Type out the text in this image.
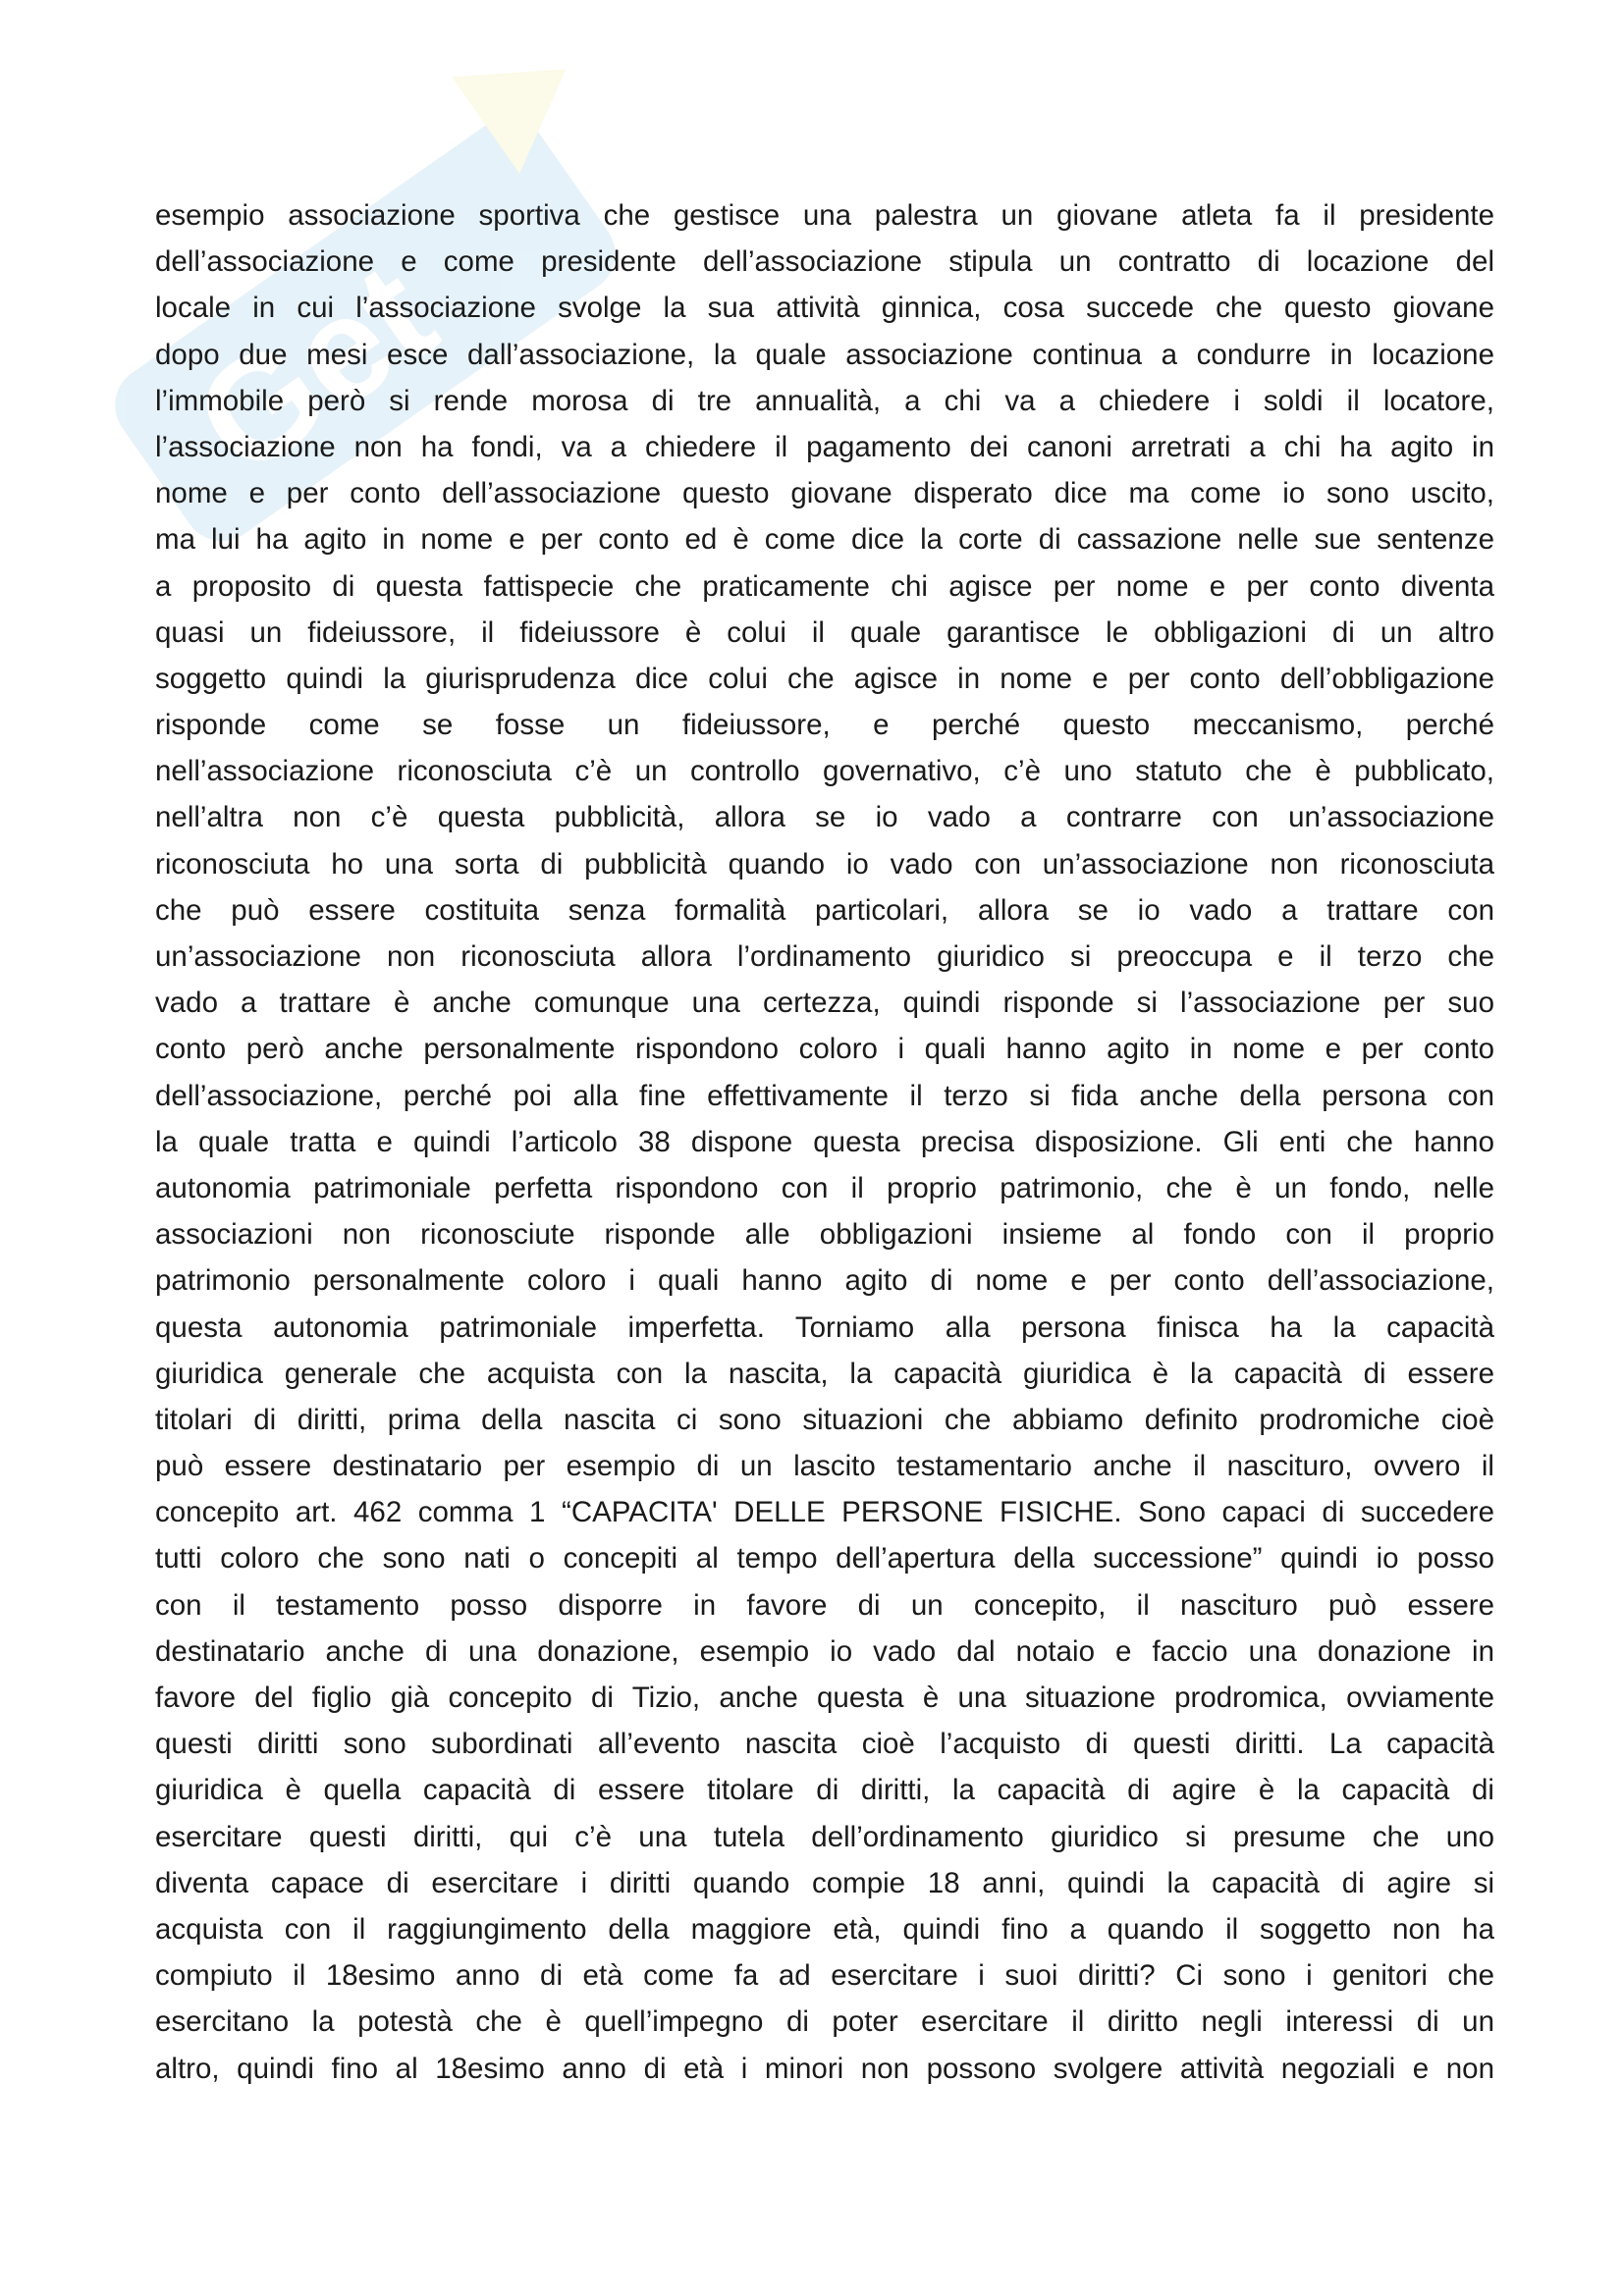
Get
esempio associazione sportiva che gestisce una palestra un giovane atleta fa il presidente
dell’associazione e come presidente dell’associazione stipula un contratto di locazione del
locale in cui l’associazione svolge la sua attività ginnica, cosa succede che questo giovane
dopo due mesi esce dall’associazione, la quale associazione continua a condurre in locazione
l’immobile però si rende morosa di tre annualità, a chi va a chiedere i soldi il locatore,
l’associazione non ha fondi, va a chiedere il pagamento dei canoni arretrati a chi ha agito in
nome e per conto dell’associazione questo giovane disperato dice ma come io sono uscito,
ma lui ha agito in nome e per conto ed è come dice la corte di cassazione nelle sue sentenze
a proposito di questa fattispecie che praticamente chi agisce per nome e per conto diventa
quasi un fideiussore, il fideiussore è colui il quale garantisce le obbligazioni di un altro
soggetto quindi la giurisprudenza dice colui che agisce in nome e per conto dell’obbligazione
risponde come se fosse un fideiussore, e perché questo meccanismo, perché
nell’associazione riconosciuta c’è un controllo governativo, c’è uno statuto che è pubblicato,
nell’altra non c’è questa pubblicità, allora se io vado a contrarre con un’associazione
riconosciuta ho una sorta di pubblicità quando io vado con un’associazione non riconosciuta
che può essere costituita senza formalità particolari, allora se io vado a trattare con
un’associazione non riconosciuta allora l’ordinamento giuridico si preoccupa e il terzo che
vado a trattare è anche comunque una certezza, quindi risponde si l’associazione per suo
conto però anche personalmente rispondono coloro i quali hanno agito in nome e per conto
dell’associazione, perché poi alla fine effettivamente il terzo si fida anche della persona con
la quale tratta e quindi l’articolo 38 dispone questa precisa disposizione. Gli enti che hanno
autonomia patrimoniale perfetta rispondono con il proprio patrimonio, che è un fondo, nelle
associazioni non riconosciute risponde alle obbligazioni insieme al fondo con il proprio
patrimonio personalmente coloro i quali hanno agito di nome e per conto dell’associazione,
questa autonomia patrimoniale imperfetta. Torniamo alla persona finisca ha la capacità
giuridica generale che acquista con la nascita, la capacità giuridica è la capacità di essere
titolari di diritti, prima della nascita ci sono situazioni che abbiamo definito prodromiche cioè
può essere destinatario per esempio di un lascito testamentario anche il nascituro, ovvero il
concepito art. 462 comma 1 “CAPACITA' DELLE PERSONE FISICHE. Sono capaci di succedere
tutti coloro che sono nati o concepiti al tempo dell’apertura della successione” quindi io posso
con il testamento posso disporre in favore di un concepito, il nascituro può essere
destinatario anche di una donazione, esempio io vado dal notaio e faccio una donazione in
favore del figlio già concepito di Tizio, anche questa è una situazione prodromica, ovviamente
questi diritti sono subordinati all’evento nascita cioè l’acquisto di questi diritti. La capacità
giuridica è quella capacità di essere titolare di diritti, la capacità di agire è la capacità di
esercitare questi diritti, qui c’è una tutela dell’ordinamento giuridico si presume che uno
diventa capace di esercitare i diritti quando compie 18 anni, quindi la capacità di agire si
acquista con il raggiungimento della maggiore età, quindi fino a quando il soggetto non ha
compiuto il 18esimo anno di età come fa ad esercitare i suoi diritti? Ci sono i genitori che
esercitano la potestà che è quell’impegno di poter esercitare il diritto negli interessi di un
altro, quindi fino al 18esimo anno di età i minori non possono svolgere attività negoziali e non
